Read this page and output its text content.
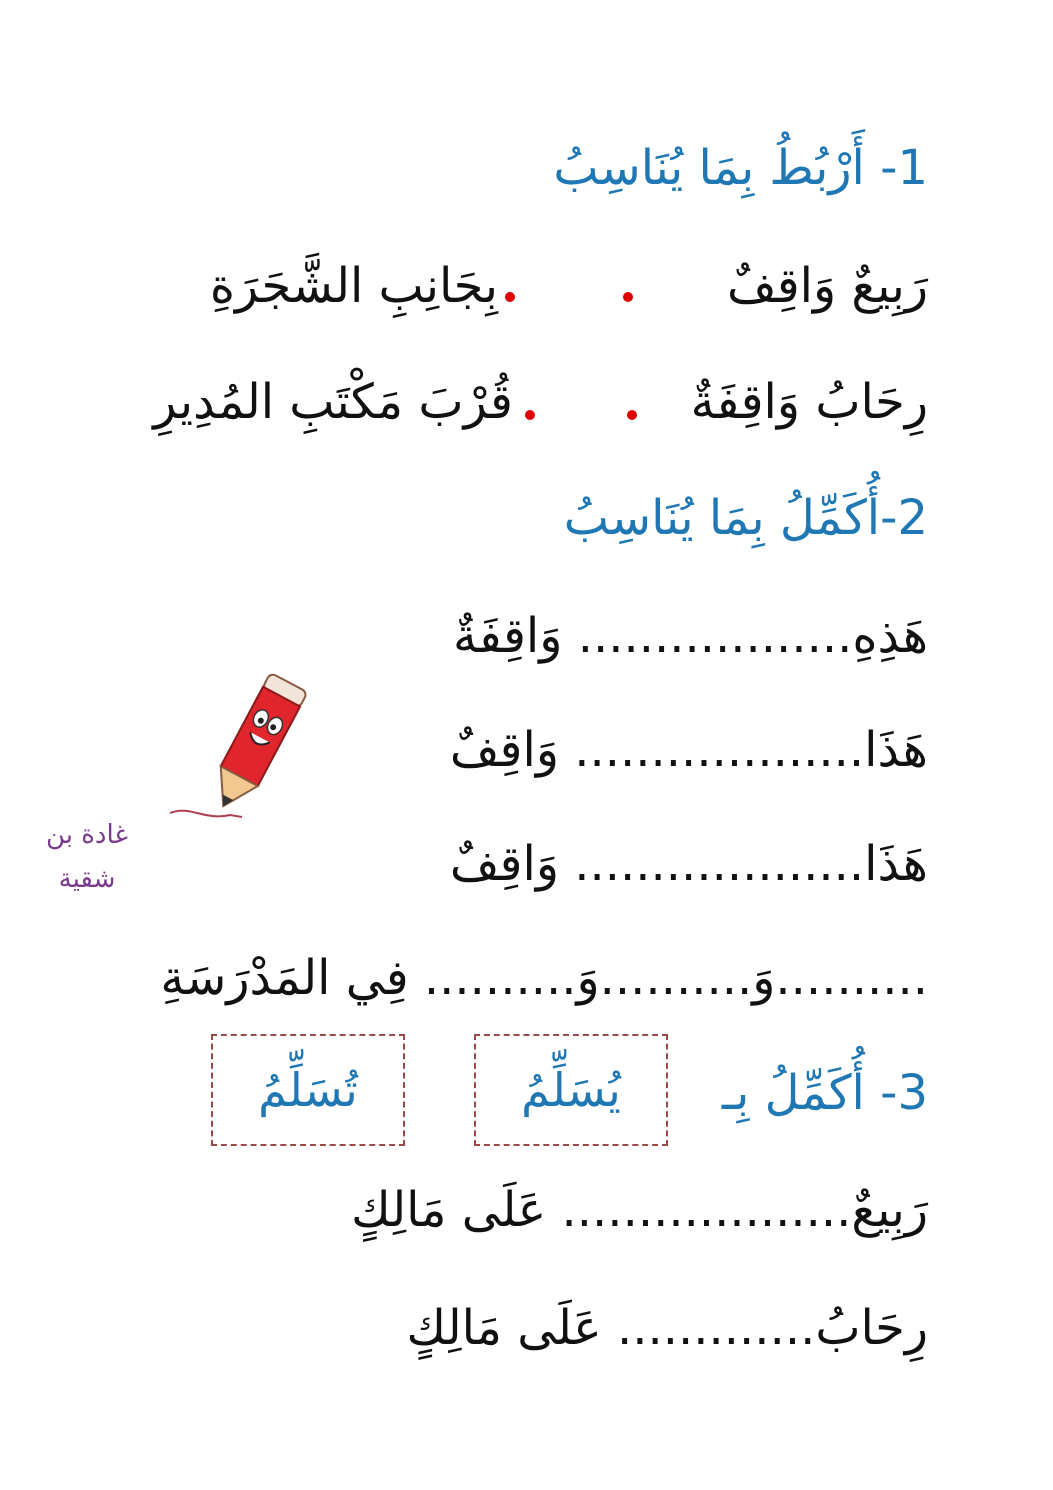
1- أَرْبُطُ بِمَا يُنَاسِبُ
رَبِيعٌ وَاقِفٌ
بِجَانِبِ الشَّجَرَةِ
رِحَابُ وَاقِفَةٌ
قُرْبَ مَكْتَبِ المُدِيرِ
2-أُكَمِّلُ بِمَا يُنَاسِبُ
هَذِهِ.................. وَاقِفَةٌ
هَذَا................... وَاقِفٌ
هَذَا................... وَاقِفٌ
..........وَ..........وَ.......... فِي المَدْرَسَةِ
3- أُكَمِّلُ بِـ
يُسَلِّمُ
تُسَلِّمُ
رَبِيعٌ................... عَلَى مَالِكٍ
رِحَابُ............. عَلَى مَالِكٍ
غادة بن
شقية
